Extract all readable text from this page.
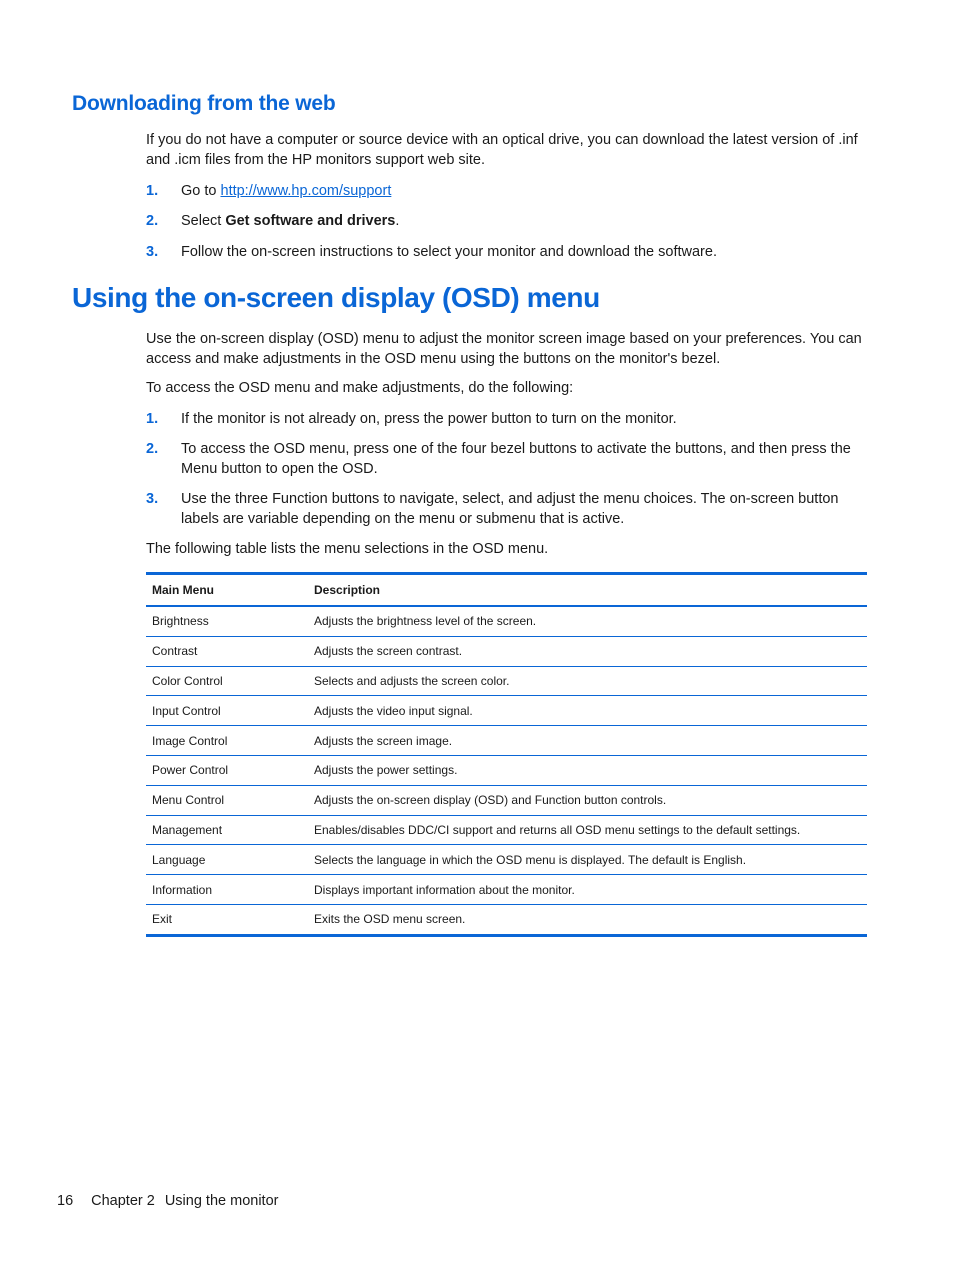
Downloading from the web

If you do not have a computer or source device with an optical drive, you can download the latest version of .inf and .icm files from the HP monitors support web site.

1. Go to http://www.hp.com/support
2. Select Get software and drivers.
3. Follow the on-screen instructions to select your monitor and download the software.
Using the on-screen display (OSD) menu

Use the on-screen display (OSD) menu to adjust the monitor screen image based on your preferences. You can access and make adjustments in the OSD menu using the buttons on the monitor's bezel.

To access the OSD menu and make adjustments, do the following:

1. If the monitor is not already on, press the power button to turn on the monitor.
2. To access the OSD menu, press one of the four bezel buttons to activate the buttons, and then press the Menu button to open the OSD.
3. Use the three Function buttons to navigate, select, and adjust the menu choices. The on-screen button labels are variable depending on the menu or submenu that is active.

The following table lists the menu selections in the OSD menu.

Main Menu	Description
Brightness	Adjusts the brightness level of the screen.
Contrast	Adjusts the screen contrast.
Color Control	Selects and adjusts the screen color.
Input Control	Adjusts the video input signal.
Image Control	Adjusts the screen image.
Power Control	Adjusts the power settings.
Menu Control	Adjusts the on-screen display (OSD) and Function button controls.
Management	Enables/disables DDC/CI support and returns all OSD menu settings to the default settings.
Language	Selects the language in which the OSD menu is displayed. The default is English.
Information	Displays important information about the monitor.
Exit	Exits the OSD menu screen.
16 Chapter 2 Using the monitor
